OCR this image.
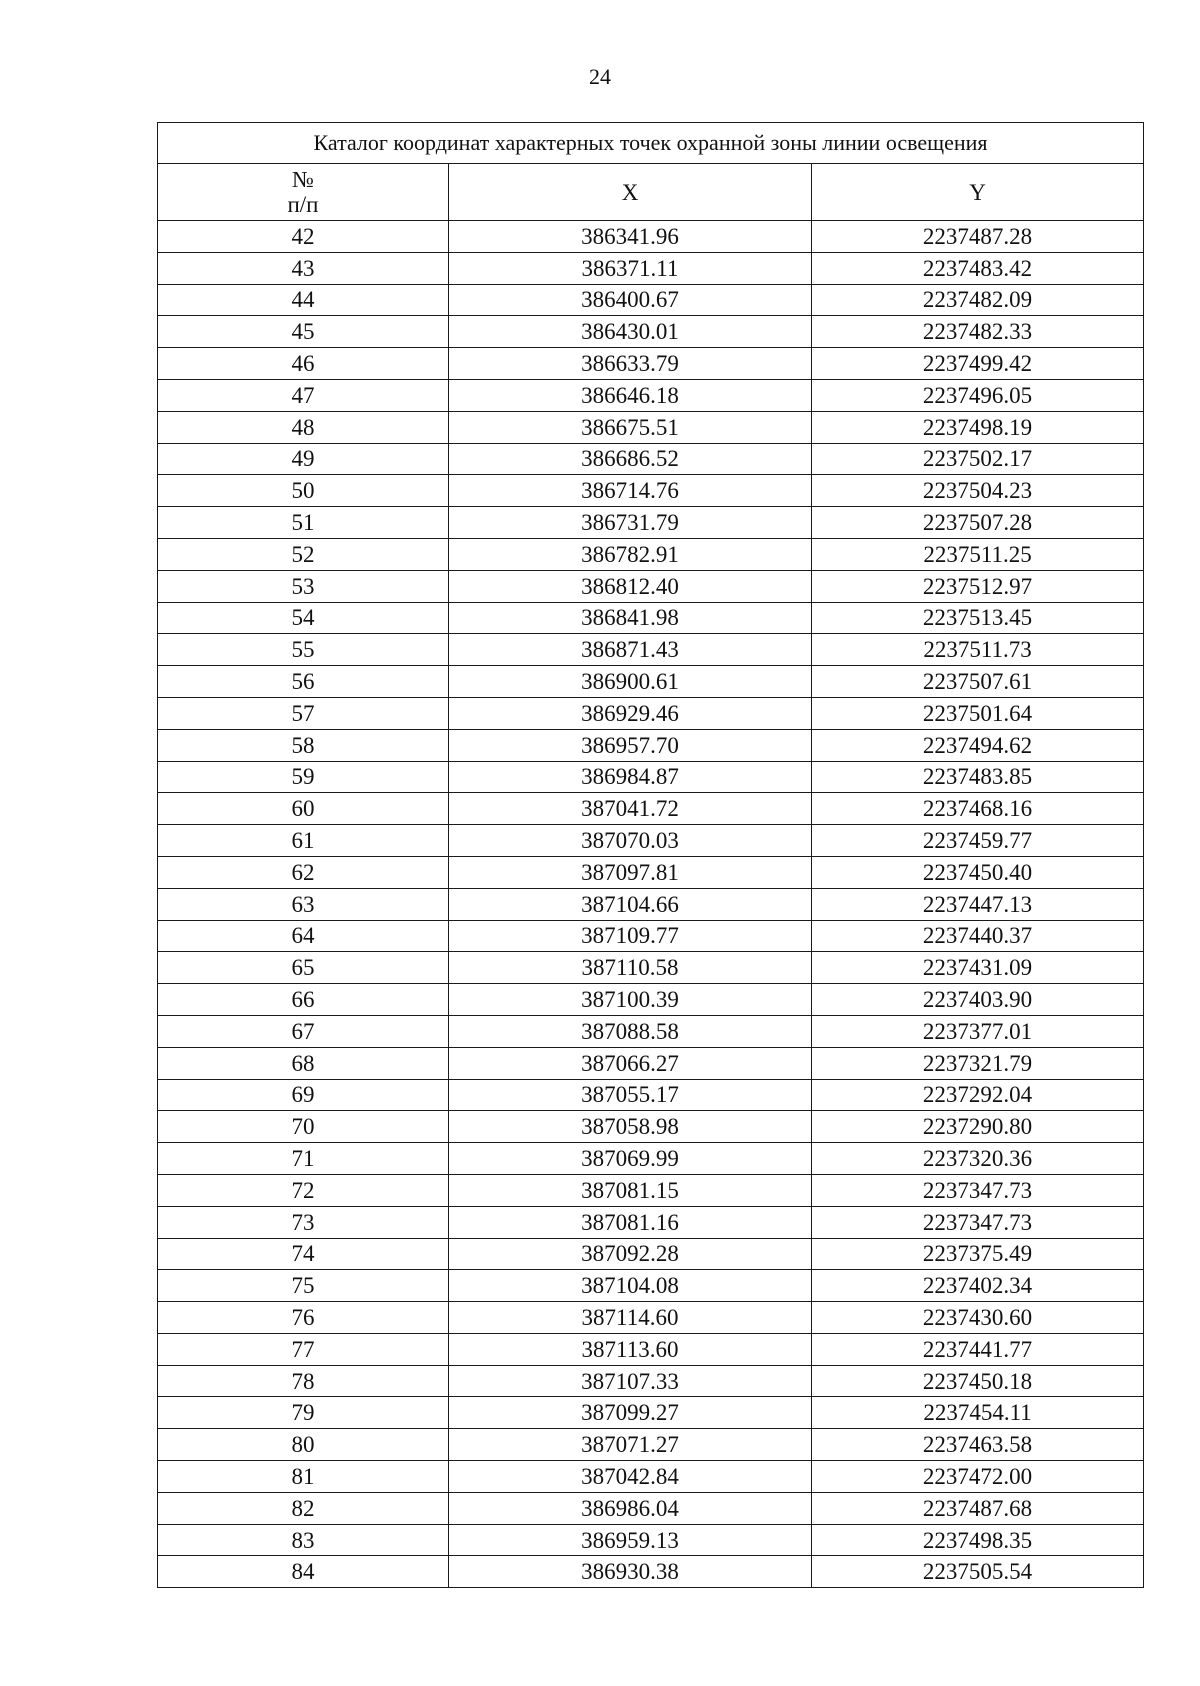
24
Каталог координат характерных точек охранной зоны линии освещения		

№
п/п	X	Y
42	386341.96	2237487.28
43	386371.11	2237483.42
44	386400.67	2237482.09
45	386430.01	2237482.33
46	386633.79	2237499.42
47	386646.18	2237496.05
48	386675.51	2237498.19
49	386686.52	2237502.17
50	386714.76	2237504.23
51	386731.79	2237507.28
52	386782.91	2237511.25
53	386812.40	2237512.97
54	386841.98	2237513.45
55	386871.43	2237511.73
56	386900.61	2237507.61
57	386929.46	2237501.64
58	386957.70	2237494.62
59	386984.87	2237483.85
60	387041.72	2237468.16
61	387070.03	2237459.77
62	387097.81	2237450.40
63	387104.66	2237447.13
64	387109.77	2237440.37
65	387110.58	2237431.09
66	387100.39	2237403.90
67	387088.58	2237377.01
68	387066.27	2237321.79
69	387055.17	2237292.04
70	387058.98	2237290.80
71	387069.99	2237320.36
72	387081.15	2237347.73
73	387081.16	2237347.73
74	387092.28	2237375.49
75	387104.08	2237402.34
76	387114.60	2237430.60
77	387113.60	2237441.77
78	387107.33	2237450.18
79	387099.27	2237454.11
80	387071.27	2237463.58
81	387042.84	2237472.00
82	386986.04	2237487.68
83	386959.13	2237498.35
84	386930.38	2237505.54
